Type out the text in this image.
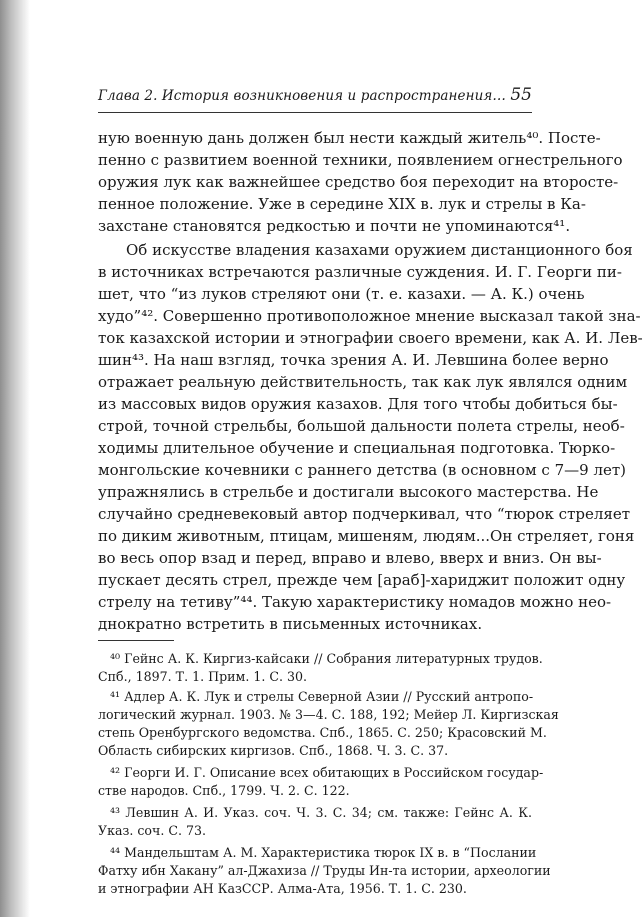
Глава 2. История возникновения и распространения… 55
ную военную дань должен был нести каждый житель⁴⁰. Посте-
пенно с развитием военной техники, появлением огнестрельного
оружия лук как важнейшее средство боя переходит на второсте-
пенное положение. Уже в середине XIX в. лук и стрелы в Ка-
захстане становятся редкостью и почти не упоминаются⁴¹.
Об искусстве владения казахами оружием дистанционного боя
в источниках встречаются различные суждения. И. Г. Георги пи-
шет, что “из луков стреляют они (т. е. казахи. — А. К.) очень
худо”⁴². Совершенно противоположное мнение высказал такой зна-
ток казахской истории и этнографии своего времени, как А. И. Лев-
шин⁴³. На наш взгляд, точка зрения А. И. Левшина более верно
отражает реальную действительность, так как лук являлся одним
из массовых видов оружия казахов. Для того чтобы добиться бы-
строй, точной стрельбы, большой дальности полета стрелы, необ-
ходимы длительное обучение и специальная подготовка. Тюрко-
монгольские кочевники с раннего детства (в основном с 7—9 лет)
упражнялись в стрельбе и достигали высокого мастерства. Не
случайно средневековый автор подчеркивал, что “тюрок стреляет
по диким животным, птицам, мишеням, людям...Он стреляет, гоня
во весь опор взад и перед, вправо и влево, вверх и вниз. Он вы-
пускает десять стрел, прежде чем [араб]-хариджит положит одну
стрелу на тетиву”⁴⁴. Такую характеристику номадов можно нео-
днократно встретить в письменных источниках.
⁴⁰ Гейнс А. К. Киргиз-кайсаки // Собрания литературных трудов.
Спб., 1897. Т. 1. Прим. 1. С. 30.
⁴¹ Адлер А. К. Лук и стрелы Северной Азии // Русский антропо-
логический журнал. 1903. № 3—4. С. 188, 192; Мейер Л. Киргизская
степь Оренбургского ведомства. Спб., 1865. С. 250; Красовский М.
Область сибирских киргизов. Спб., 1868. Ч. 3. С. 37.
⁴² Георги И. Г. Описание всех обитающих в Российском государ-
стве народов. Спб., 1799. Ч. 2. С. 122.
⁴³ Левшин А. И. Указ. соч. Ч. 3. С. 34; см. также: Гейнс А. К.
Указ. соч. С. 73.
⁴⁴ Мандельштам А. М. Характеристика тюрок IX в. в “Послании
Фатху ибн Хакану” ал-Джахиза // Труды Ин-та истории, археологии
и этнографии АН КазССР. Алма-Ата, 1956. Т. 1. С. 230.
